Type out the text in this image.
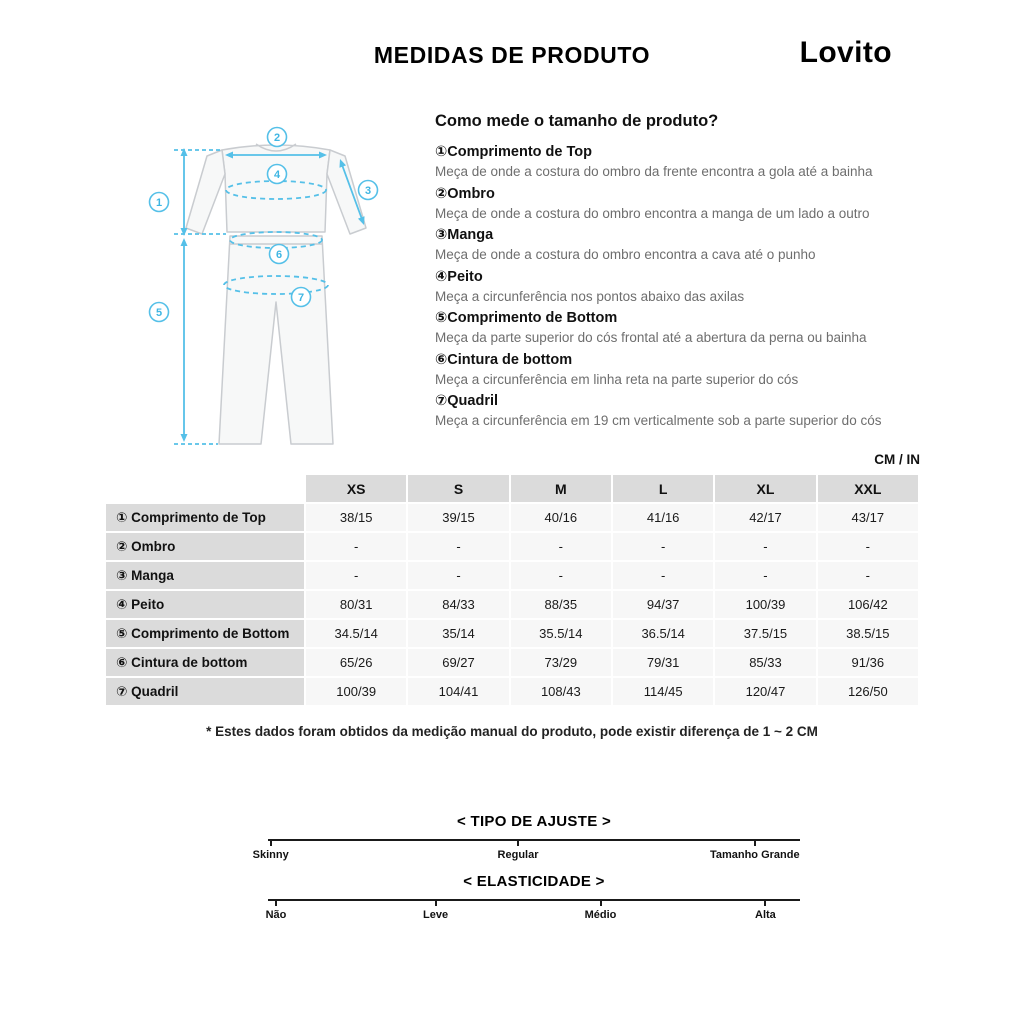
MEDIDAS DE PRODUTO	Lovito
1
2
3
4
5
6
7
Como mede o tamanho de produto?
①Comprimento de Top
Meça de onde a costura do ombro da frente encontra a gola até a bainha
②Ombro
Meça de onde a costura do ombro encontra a manga de um lado a outro
③Manga
Meça de onde a costura do ombro encontra a cava até o punho
④Peito
Meça a circunferência nos pontos abaixo das axilas
⑤Comprimento de Bottom
Meça da parte superior do cós frontal até a abertura da perna ou bainha
⑥Cintura de bottom
Meça a circunferência em linha reta na parte superior do cós
⑦Quadril
Meça a circunferência em 19 cm verticalmente sob a parte superior do cós
CM / IN
	XS	S	M	L	XL	XXL
① Comprimento de Top	38/15	39/15	40/16	41/16	42/17	43/17
② Ombro	-	-	-	-	-	-
③ Manga	-	-	-	-	-	-
④ Peito	80/31	84/33	88/35	94/37	100/39	106/42
⑤ Comprimento de Bottom	34.5/14	35/14	35.5/14	36.5/14	37.5/15	38.5/15
⑥ Cintura de bottom	65/26	69/27	73/29	79/31	85/33	91/36
⑦ Quadril	100/39	104/41	108/43	114/45	120/47	126/50
* Estes dados foram obtidos da medição manual do produto, pode existir diferença de 1 ~ 2 CM
< TIPO DE AJUSTE >
Skinny	Regular	Tamanho Grande
< ELASTICIDADE >
Não	Leve	Médio	Alta
